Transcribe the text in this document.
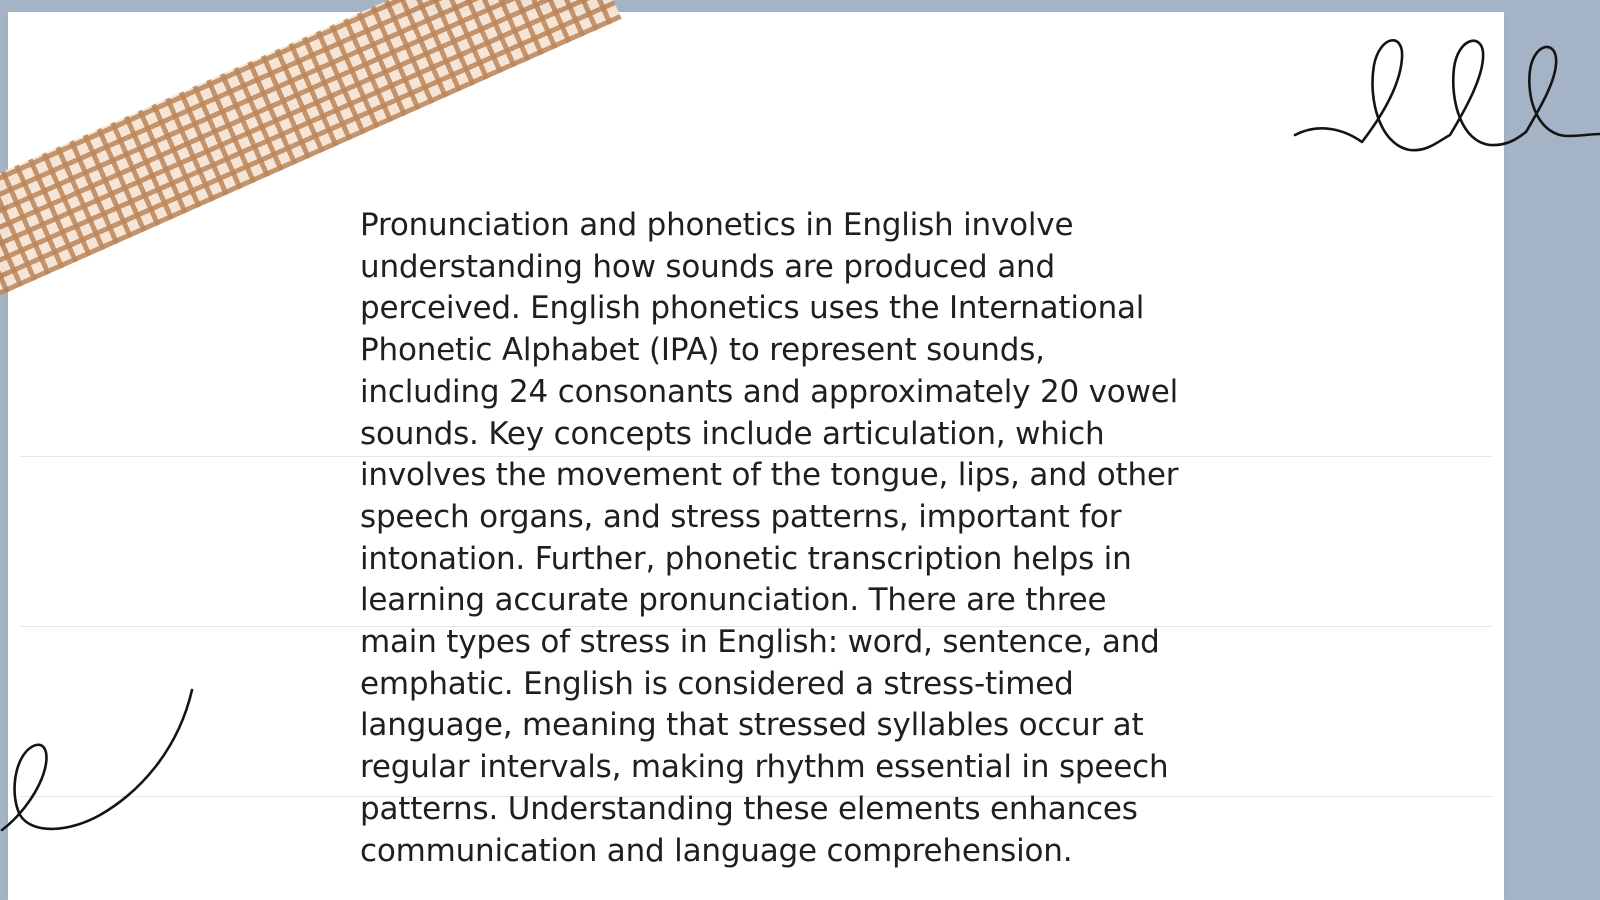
Pronunciation and phonetics in English involve
understanding how sounds are produced and
perceived. English phonetics uses the International
Phonetic Alphabet (IPA) to represent sounds,
including 24 consonants and approximately 20 vowel
sounds. Key concepts include articulation, which
involves the movement of the tongue, lips, and other
speech organs, and stress patterns, important for
intonation. Further, phonetic transcription helps in
learning accurate pronunciation. There are three
main types of stress in English: word, sentence, and
emphatic. English is considered a stress-timed
language, meaning that stressed syllables occur at
regular intervals, making rhythm essential in speech
patterns. Understanding these elements enhances
communication and language comprehension.
